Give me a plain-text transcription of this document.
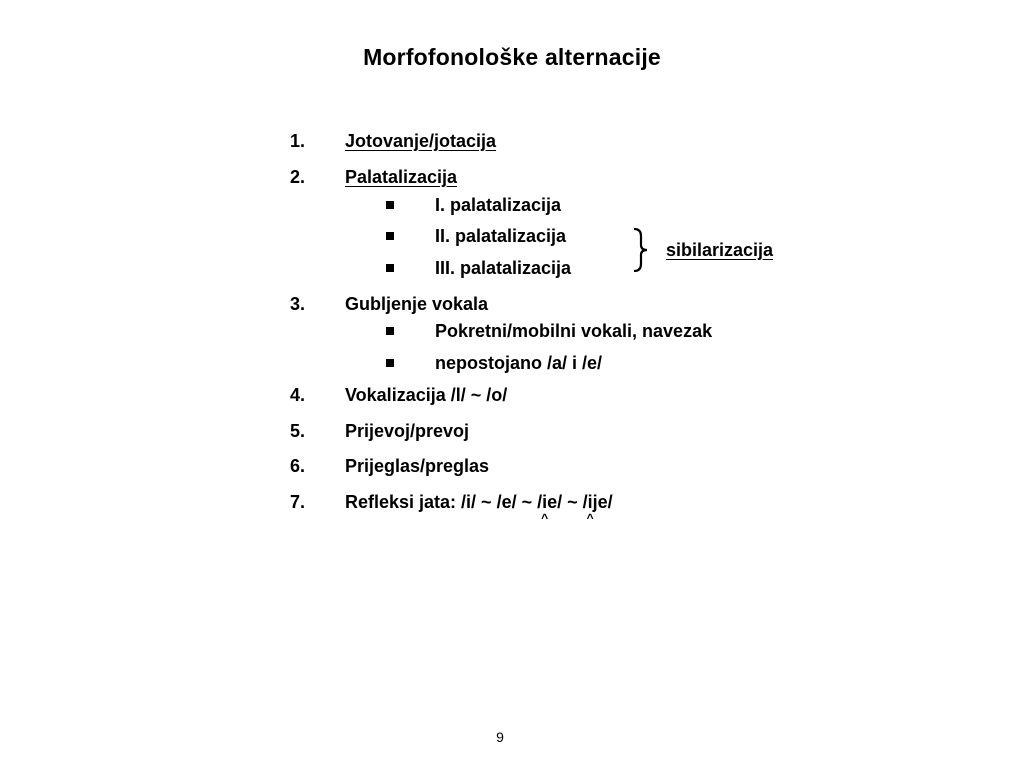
Morfofonološke alternacije
1. Jotovanje/jotacija
2. Palatalizacija
I. palatalizacija
II. palatalizacija
III. palatalizacija
sibilarizacija
3. Gubljenje vokala
Pokretni/mobilni vokali, navezak
nepostojano /a/ i /e/
4. Vokalizacija /l/ ~ /o/
5. Prijevoj/prevoj
6. Prijeglas/preglas
7. Refleksi jata: /i/ ~ /e/ ~ /i
^
e/ ~ /i
^
je/
9
